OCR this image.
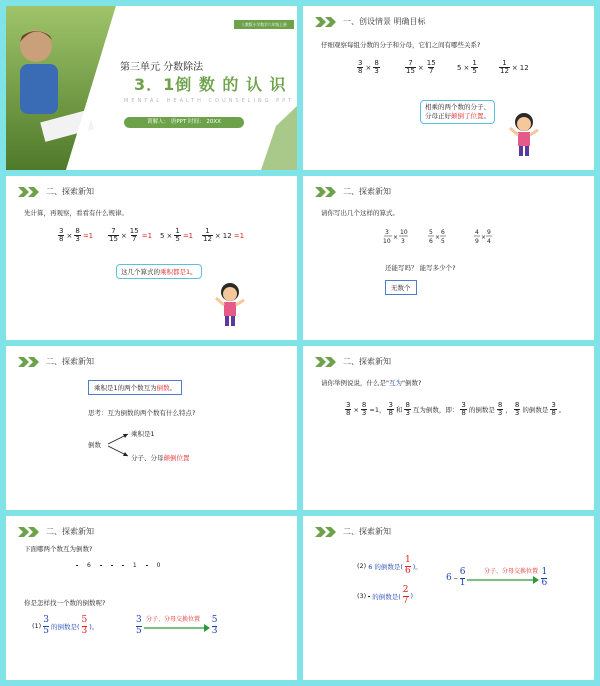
人教版小学数学六年级上册
第三单元 分数除法
3．1倒 数 的 认 识
MENTAL HEALTH COUNSELING PPT
训解人： 唐PPT 时间： 20XX
一、创设情景 明确目标
仔细观察每组分数的分子和分母，它们之间有哪些关系?
$\frac{3}{8} \times \frac{8}{3}$	$\frac{7}{15} \times \frac{15}{7}$	$5 \times \frac{1}{5}$	$\frac{1}{12} \times 12$
相乘的两个数的分子、
分母正好颠倒了位置。
二、探索新知
先计算，再观察，看看有什么规律。
$\frac{3}{8} \times \frac{8}{3} =1 \frac{7}{15} \times \frac{15}{7} =1$ $5 \times \frac{1}{5} =1 \frac{1}{12} \times 12 =1$
这几个算式的乘积都是1。
二、探索新知
请你写出几个这样的算式。
3
10
×
10
3
5
6
×
6
5
4
9
×
9
4
还能写吗？ 能写多少个?
无数个
二、探索新知
乘积是1的两个数互为倒数。
思考：互为倒数的两个数有什么特点?
倒数
乘积是1
分子、分母颠倒位置
二、探索新知
请你举例说说，什么是"互为"倒数?
$\frac{3}{8} \times \frac{8}{3} =1$， $\frac{3}{8}$ 和 $\frac{8}{3}$ 互为倒数，即： $\frac{3}{8}$ 的倒数是 $\frac{8}{3}$ ， $\frac{8}{3}$ 的倒数是 $\frac{3}{8}$ 。
二、探索新知
下面哪两个数互为倒数?
6	1	0
你是怎样找一个数的倒数呢?
(1)
3
5 的倒数是(
5
3 )。
3
5
分子、分母交换位置 5
3
二、探索新知
(2) 6 的倒数是(
1
6 )。
(3) 的倒数是(
2
7 )
6 –
6
1
分子、分母交换位置 1
6
